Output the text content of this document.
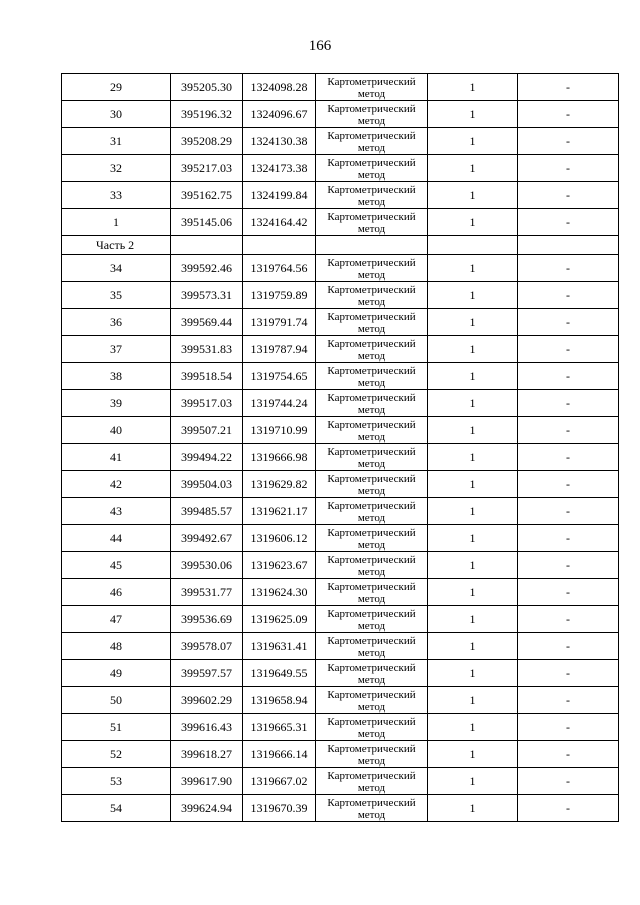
166
29	395205.30	1324098.28	Картометрический метод	1	-
30	395196.32	1324096.67	Картометрический метод	1	-
31	395208.29	1324130.38	Картометрический метод	1	-
32	395217.03	1324173.38	Картометрический метод	1	-
33	395162.75	1324199.84	Картометрический метод	1	-
1	395145.06	1324164.42	Картометрический метод	1	-
Часть 2					
34	399592.46	1319764.56	Картометрический метод	1	-
35	399573.31	1319759.89	Картометрический метод	1	-
36	399569.44	1319791.74	Картометрический метод	1	-
37	399531.83	1319787.94	Картометрический метод	1	-
38	399518.54	1319754.65	Картометрический метод	1	-
39	399517.03	1319744.24	Картометрический метод	1	-
40	399507.21	1319710.99	Картометрический метод	1	-
41	399494.22	1319666.98	Картометрический метод	1	-
42	399504.03	1319629.82	Картометрический метод	1	-
43	399485.57	1319621.17	Картометрический метод	1	-
44	399492.67	1319606.12	Картометрический метод	1	-
45	399530.06	1319623.67	Картометрический метод	1	-
46	399531.77	1319624.30	Картометрический метод	1	-
47	399536.69	1319625.09	Картометрический метод	1	-
48	399578.07	1319631.41	Картометрический метод	1	-
49	399597.57	1319649.55	Картометрический метод	1	-
50	399602.29	1319658.94	Картометрический метод	1	-
51	399616.43	1319665.31	Картометрический метод	1	-
52	399618.27	1319666.14	Картометрический метод	1	-
53	399617.90	1319667.02	Картометрический метод	1	-
54	399624.94	1319670.39	Картометрический метод	1	-
